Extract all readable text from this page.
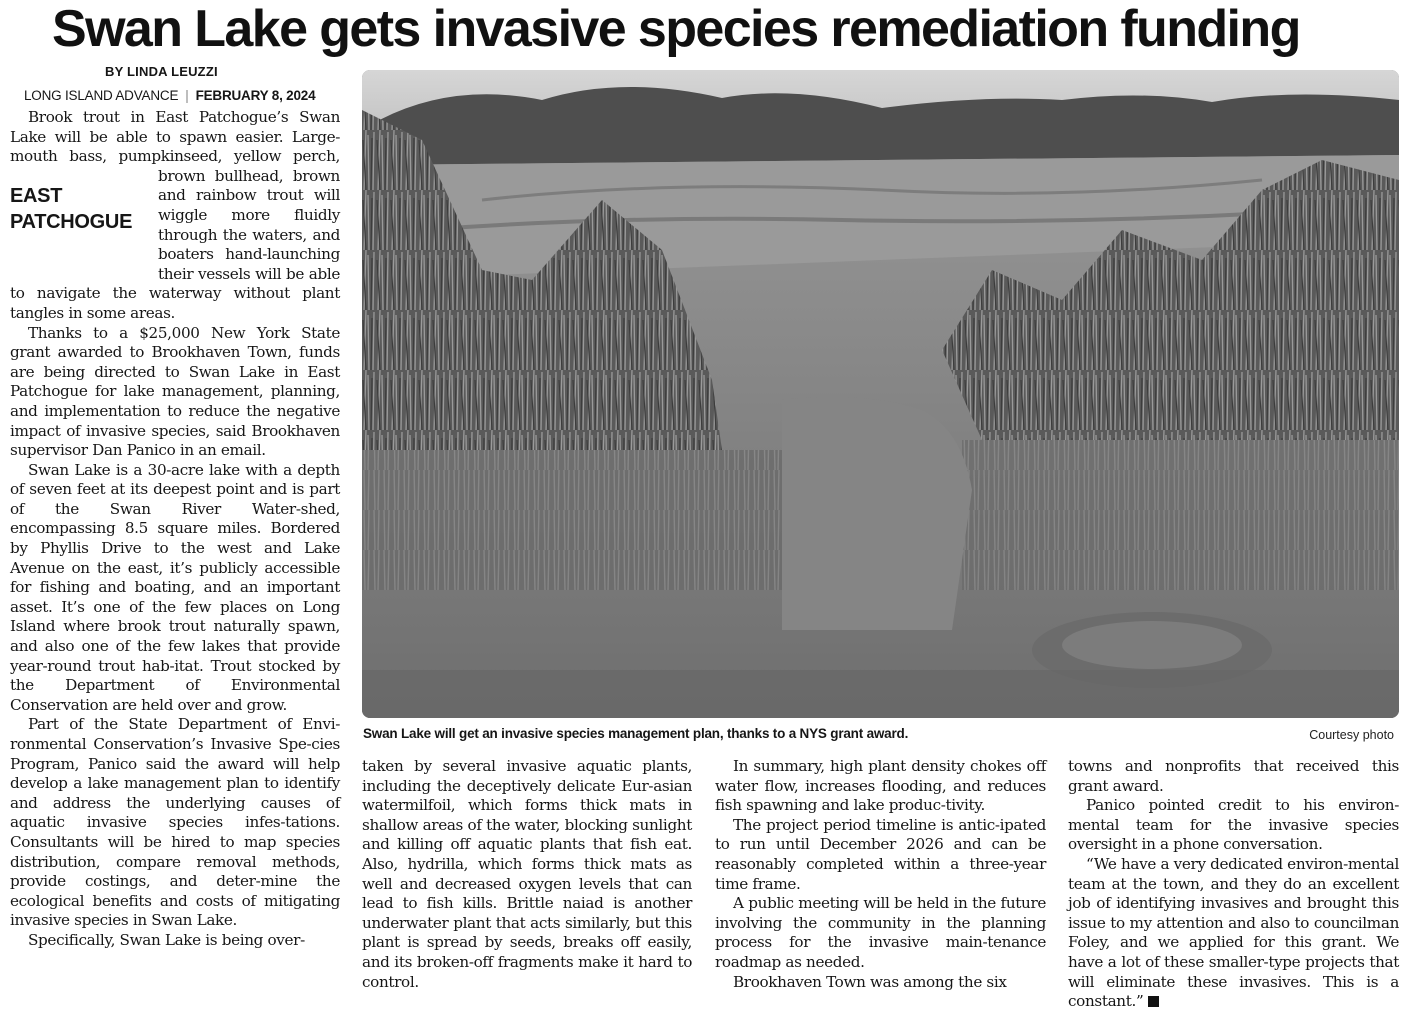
Swan Lake gets invasive species remediation funding
BY LINDA LEUZZI
LONG ISLAND ADVANCE | FEBRUARY 8, 2024

Brook trout in East Patchogue’s Swan Lake will be able to spawn easier. Large-mouth bass, pumpkinseed, yellow perch,
EAST
PATCHOGUE
brown bullhead, brown and rainbow trout will wiggle more fluidly through the waters, and boaters hand-launching their vessels will be able to navigate the waterway without plant tangles in some areas.

Thanks to a $25,000 New York State grant awarded to Brookhaven Town, funds are being directed to Swan Lake in East Patchogue for lake management, planning, and implementation to reduce the negative impact of invasive species, said Brookhaven supervisor Dan Panico in an email.

Swan Lake is a 30-acre lake with a depth of seven feet at its deepest point and is part of the Swan River Water-shed, encompassing 8.5 square miles. Bordered by Phyllis Drive to the west and Lake Avenue on the east, it’s publicly accessible for fishing and boating, and an important asset. It’s one of the few places on Long Island where brook trout naturally spawn, and also one of the few lakes that provide year-round trout hab-itat. Trout stocked by the Department of Environmental Conservation are held over and grow.

Part of the State Department of Envi-ronmental Conservation’s Invasive Spe-cies Program, Panico said the award will help develop a lake management plan to identify and address the underlying causes of aquatic invasive species infes-tations. Consultants will be hired to map species distribution, compare removal methods, provide costings, and deter-mine the ecological benefits and costs of mitigating invasive species in Swan Lake.

Specifically, Swan Lake is being over-

Swan Lake will get an invasive species management plan, thanks to a NYS grant award.	Courtesy photo

taken by several invasive aquatic plants, including the deceptively delicate Eur-asian watermilfoil, which forms thick mats in shallow areas of the water, blocking sunlight and killing off aquatic plants that fish eat. Also, hydrilla, which forms thick mats as well and decreased oxygen levels that can lead to fish kills. Brittle naiad is another underwater plant that acts similarly, but this plant is spread by seeds, breaks off easily, and its broken-off fragments make it hard to control.

In summary, high plant density chokes off water flow, increases flooding, and reduces fish spawning and lake produc-tivity.

The project period timeline is antic-ipated to run until December 2026 and can be reasonably completed within a three-year time frame.

A public meeting will be held in the future involving the community in the planning process for the invasive main-tenance roadmap as needed.

Brookhaven Town was among the six

towns and nonprofits that received this grant award.

Panico pointed credit to his environ-mental team for the invasive species oversight in a phone conversation.

“We have a very dedicated environ-mental team at the town, and they do an excellent job of identifying invasives and brought this issue to my attention and also to councilman Foley, and we applied for this grant. We have a lot of these smaller-type projects that will eliminate these invasives. This is a constant.”
